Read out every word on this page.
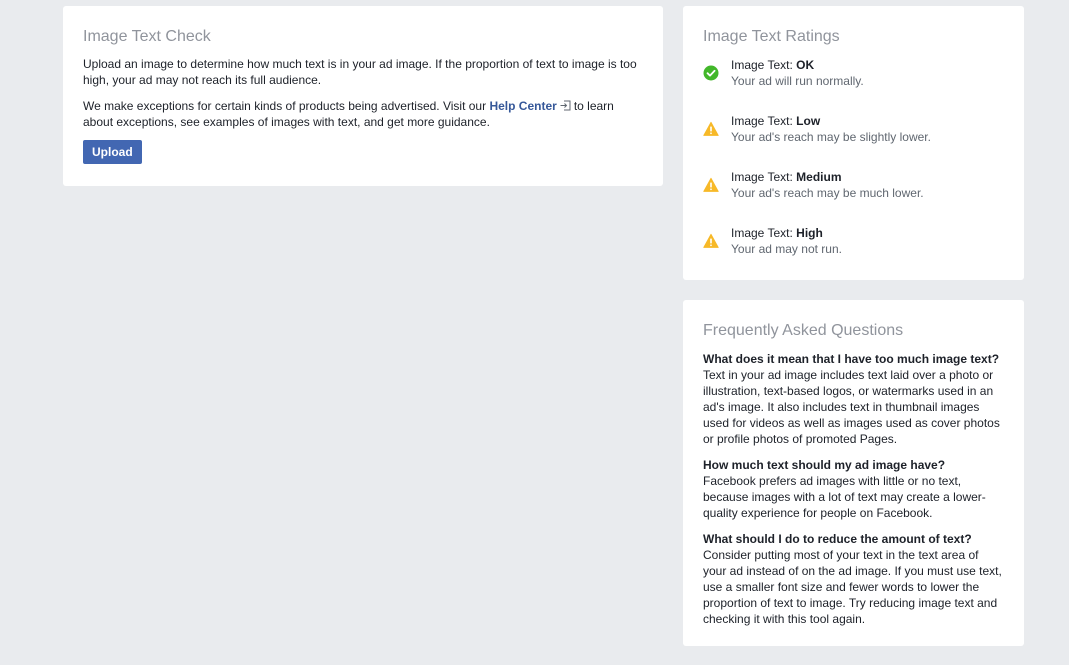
Image Text Check

Upload an image to determine how much text is in your ad image. If the proportion of text to image is too high, your ad may not reach its full audience.

We make exceptions for certain kinds of products being advertised. Visit our Help Center to learn about exceptions, see examples of images with text, and get more guidance.

Upload
Image Text Ratings
Image Text: OK
Your ad will run normally.
Image Text: Low
Your ad's reach may be slightly lower.
Image Text: Medium
Your ad's reach may be much lower.
Image Text: High
Your ad may not run.
Frequently Asked Questions
What does it mean that I have too much image text?
Text in your ad image includes text laid over a photo or illustration, text-based logos, or watermarks used in an ad's image. It also includes text in thumbnail images used for videos as well as images used as cover photos or profile photos of promoted Pages.
How much text should my ad image have?
Facebook prefers ad images with little or no text, because images with a lot of text may create a lower-quality experience for people on Facebook.
What should I do to reduce the amount of text?
Consider putting most of your text in the text area of your ad instead of on the ad image. If you must use text, use a smaller font size and fewer words to lower the proportion of text to image. Try reducing image text and checking it with this tool again.
